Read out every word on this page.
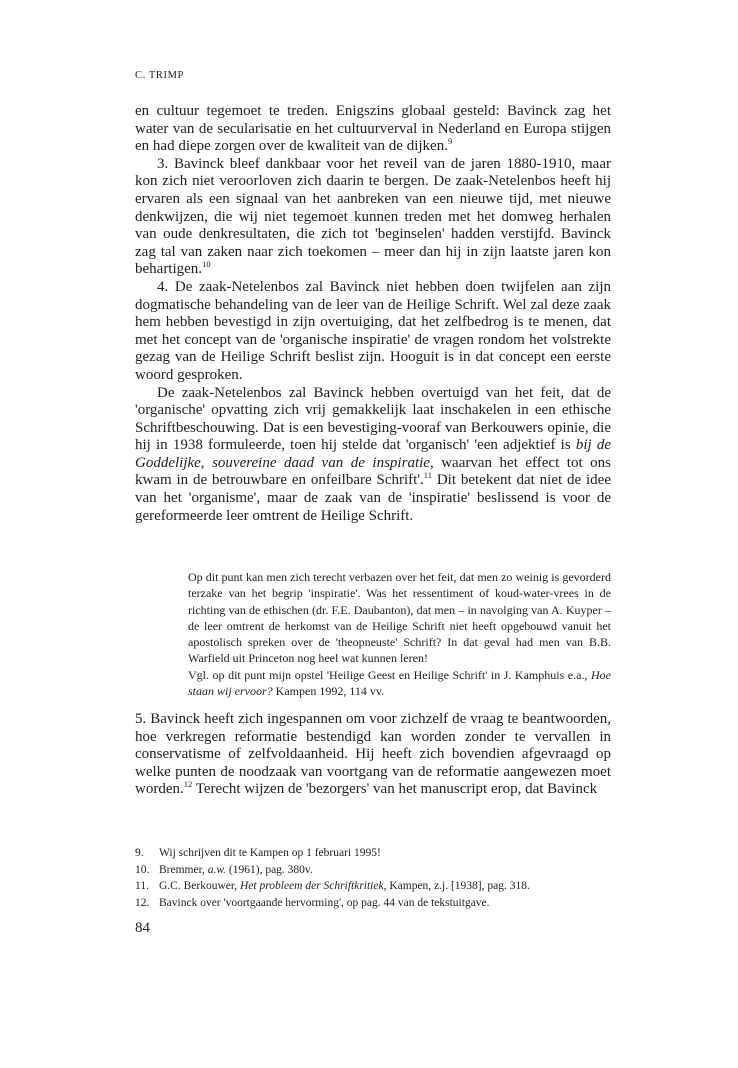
C. TRIMP

en cultuur tegemoet te treden. Enigszins globaal gesteld: Bavinck zag het water van de secularisatie en het cultuurverval in Nederland en Europa stijgen en had diepe zorgen over de kwaliteit van de dijken.$^9$

3. Bavinck bleef dankbaar voor het reveil van de jaren 1880-1910, maar kon zich niet veroorloven zich daarin te bergen. De zaak-Netelenbos heeft hij ervaren als een signaal van het aanbreken van een nieuwe tijd, met nieuwe denkwijzen, die wij niet tegemoet kunnen treden met het domweg herhalen van oude denkresultaten, die zich tot 'beginselen' hadden verstijfd. Bavinck zag tal van zaken naar zich toekomen – meer dan hij in zijn laatste jaren kon behartigen.$^{10}$

4. De zaak-Netelenbos zal Bavinck niet hebben doen twijfelen aan zijn dogmatische behandeling van de leer van de Heilige Schrift. Wel zal deze zaak hem hebben bevestigd in zijn overtuiging, dat het zelfbedrog is te menen, dat met het concept van de 'organische inspiratie' de vragen rondom het volstrekte gezag van de Heilige Schrift beslist zijn. Hooguit is in dat concept een eerste woord gesproken.

De zaak-Netelenbos zal Bavinck hebben overtuigd van het feit, dat de 'organische' opvatting zich vrij gemakkelijk laat inschakelen in een ethische Schriftbeschouwing. Dat is een bevestiging-vooraf van Berkouwers opinie, die hij in 1938 formuleerde, toen hij stelde dat 'organisch' 'een adjektief is bij de Goddelijke, souvereine daad van de inspiratie, waarvan het effect tot ons kwam in de betrouwbare en onfeilbare Schrift'.$^{11}$ Dit betekent dat niet de idee van het 'organisme', maar de zaak van de 'inspiratie' beslissend is voor de gereformeerde leer omtrent de Heilige Schrift.

Op dit punt kan men zich terecht verbazen over het feit, dat men zo weinig is gevorderd terzake van het begrip 'inspiratie'. Was het ressentiment of koud-water-vrees in de richting van de ethischen (dr. F.E. Daubanton), dat men – in navolging van A. Kuyper – de leer omtrent de herkomst van de Heilige Schrift niet heeft opgebouwd vanuit het apostolisch spreken over de 'theopneuste' Schrift? In dat geval had men van B.B. Warfield uit Princeton nog heel wat kunnen leren!

Vgl. op dit punt mijn opstel 'Heilige Geest en Heilige Schrift' in J. Kamphuis e.a., Hoe staan wij ervoor? Kampen 1992, 114 vv.

5. Bavinck heeft zich ingespannen om voor zichzelf de vraag te beantwoorden, hoe verkregen reformatie bestendigd kan worden zonder te vervallen in conservatisme of zelfvoldaanheid. Hij heeft zich bovendien afgevraagd op welke punten de noodzaak van voortgang van de reformatie aangewezen moet worden.$^{12}$ Terecht wijzen de 'bezorgers' van het manuscript erop, dat Bavinck

9.	Wij schrijven dit te Kampen op 1 februari 1995!
10. Bremmer, a.w. (1961), pag. 380v.
11. G.C. Berkouwer, Het probleem der Schriftkritiek, Kampen, z.j. [1938], pag. 318.
12. Bavinck over 'voortgaande hervorming', op pag. 44 van de tekstuitgave.
84
